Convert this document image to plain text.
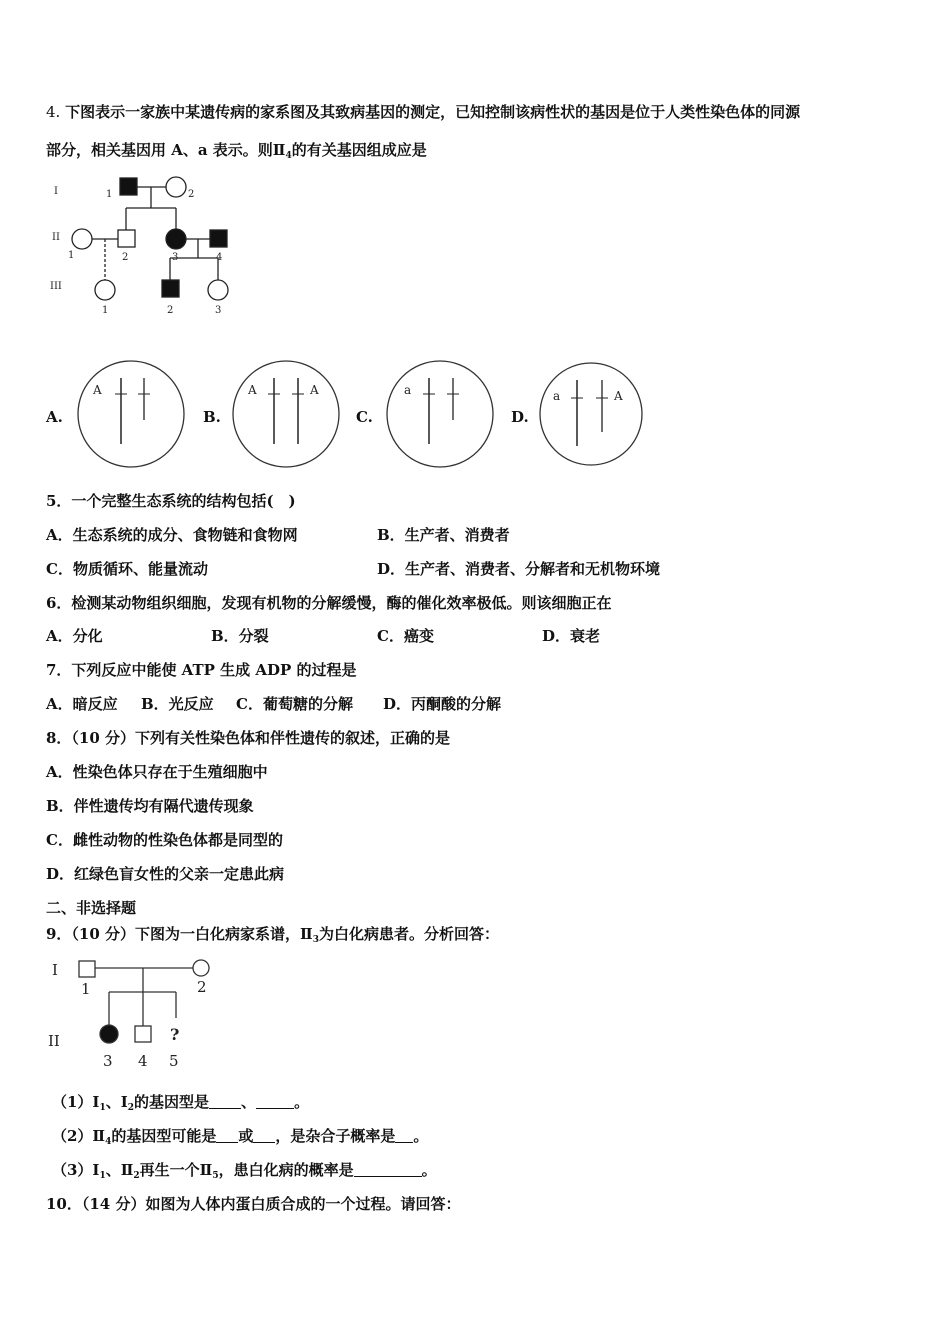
4. 下图表示一家族中某遗传病的家系图及其致病基因的测定，已知控制该病性状的基因是位于人类性染色体的同源
部分，相关基因用 A、a 表示。则$Ⅱ_4$的有关基因组成应是
I
II
III
1	2
1	2	3	4
1	2	3
A.
A
B.
A	A
C.
a
D.
a	A
5．一个完整生态系统的结构包括(　)
A．生态系统的成分、食物链和食物网	B．生产者、消费者
C．物质循环、能量流动	D．生产者、消费者、分解者和无机物环境
6．检测某动物组织细胞，发现有机物的分解缓慢，酶的催化效率极低。则该细胞正在
A．分化	B．分裂	C．癌变	D．衰老
7．下列反应中能使 ATP 生成 ADP 的过程是
A．暗反应 B．光反应 C．葡萄糖的分解 D．丙酮酸的分解
8．（10 分）下列有关性染色体和伴性遗传的叙述，正确的是
A．性染色体只存在于生殖细胞中
B．伴性遗传均有隔代遗传现象
C．雌性动物的性染色体都是同型的
D．红绿色盲女性的父亲一定患此病
二、非选择题
9．（10 分）下图为一白化病家系谱，$Ⅱ_3$为白化病患者。分析回答：
I
II
1	2
3 4 5
?
$(1)Ⅰ_1$、$Ⅰ_2$的基因型是 、	。
$(2)Ⅱ_4$的基因型可能是 或 ，是杂合子概率是 。
$(3)Ⅰ_1$、$Ⅱ_2$再生一个$Ⅱ_5$，患白化病的概率是	。
10．（14 分）如图为人体内蛋白质合成的一个过程。请回答：
